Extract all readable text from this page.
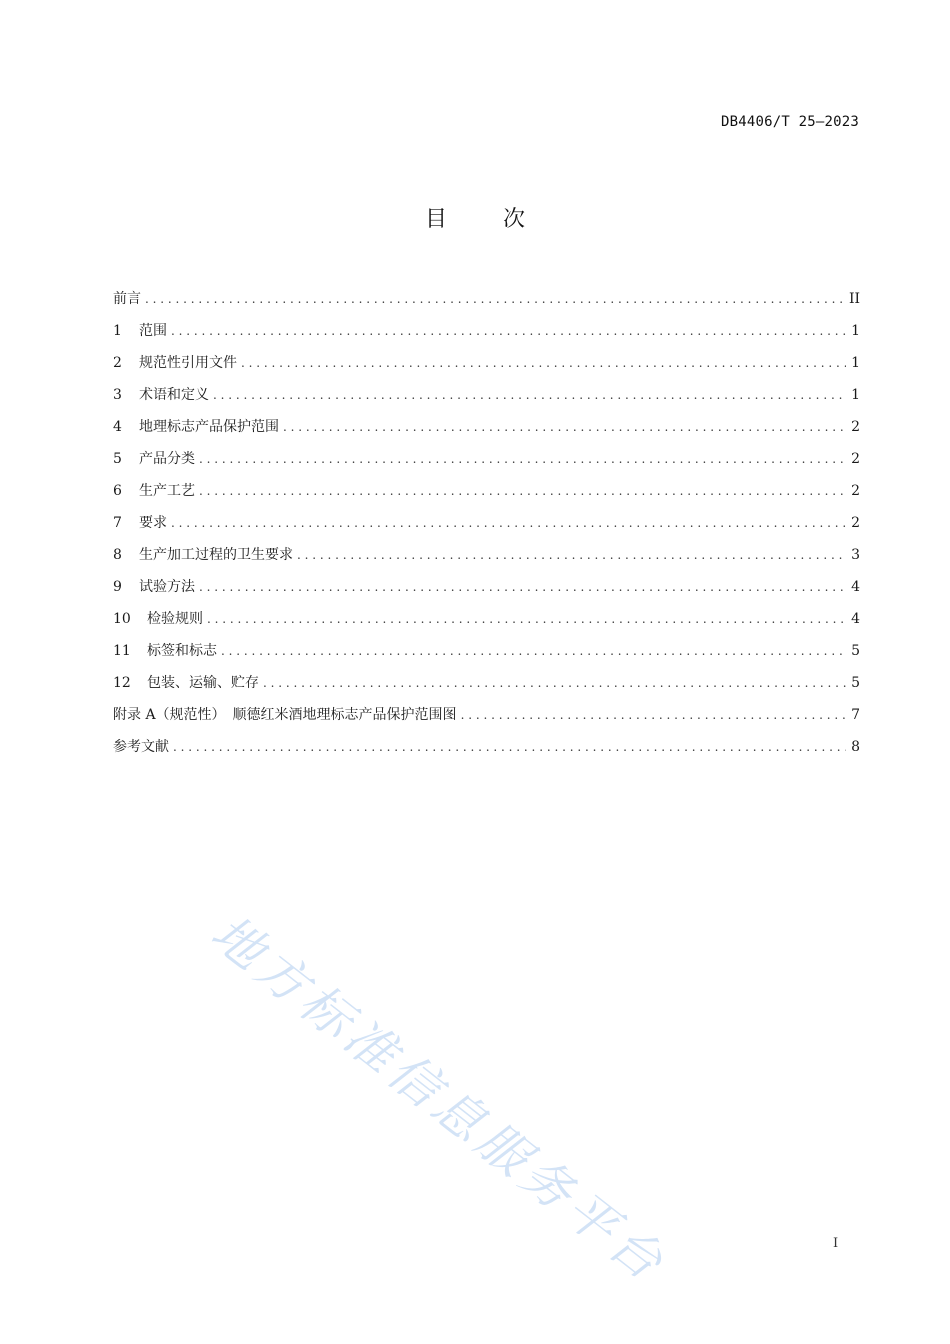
DB4406/T 25—2023
目次
前言 . . .	II
1	范围 . . .	1
2	规范性引用文件 . . .	1
3	术语和定义 . . .	1
4	地理标志产品保护范围 . . .	2
5	产品分类 . . .	2
6	生产工艺 . . .	2
7	要求 . . .	2
8	生产加工过程的卫生要求 . . .	3
9	试验方法 . . .	4
10	检验规则 . . .	4
11	标签和标志 . . .	5
12	包装、运输、贮存 . . .	5
附录 A（规范性）　顺德红米酒地理标志产品保护范围图 . . .	7
参考文献 . . .	8
地方标准信息服务平台	I
